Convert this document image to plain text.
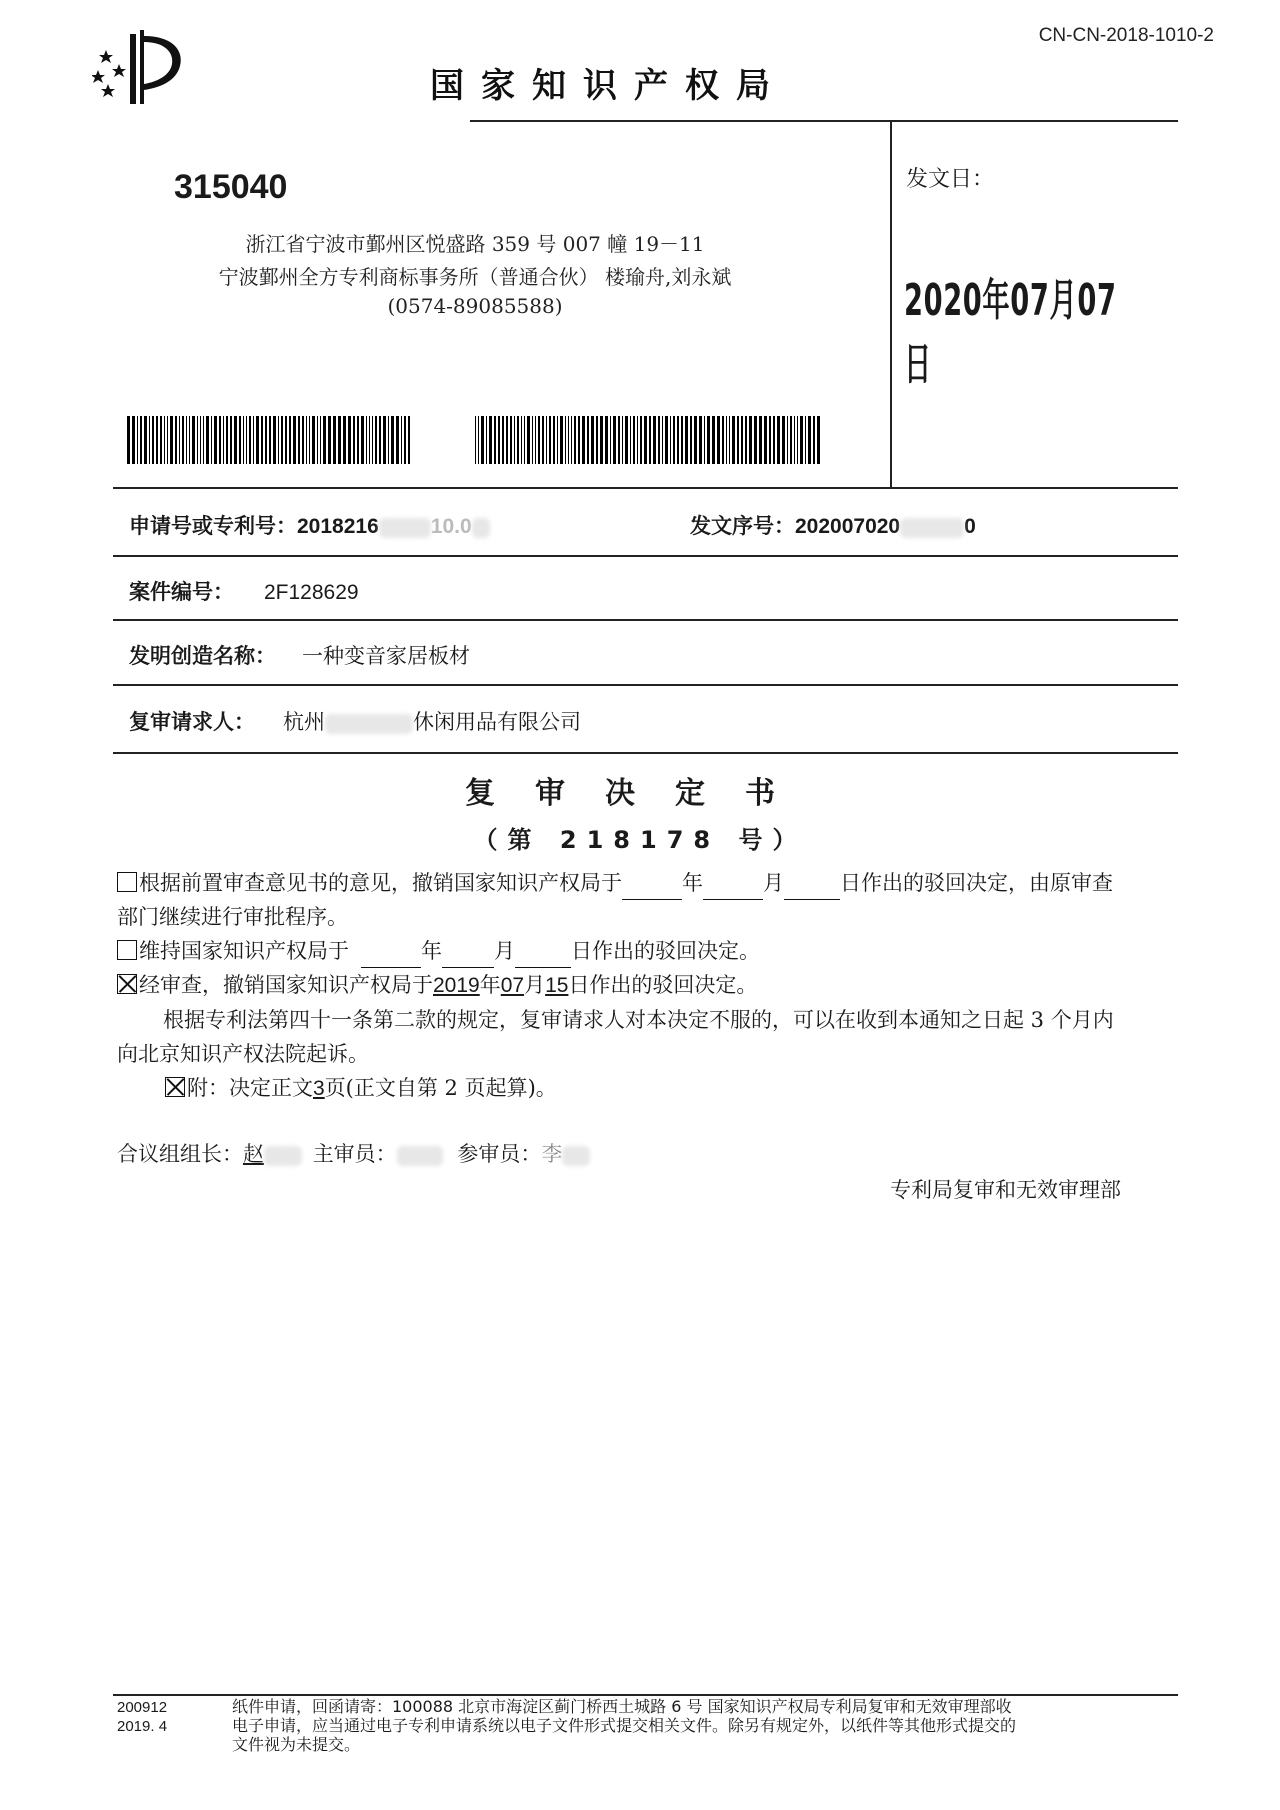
CN-CN-2018-1010-2
国家知识产权局
315040
浙江省宁波市鄞州区悦盛路 359 号 007 幢 19－11
宁波鄞州全方专利商标事务所（普通合伙） 楼瑜舟,刘永斌
(0574-89085588)
发文日：
2020年07月07日
申请号或专利号：2018216 10.0	发文序号：202007020	0
案件编号： 2F128629
发明创造名称： 一种变音家居板材
复审请求人： 杭州	休闲用品有限公司
复审决定书
（第 218178 号）

根据前置审查意见书的意见，撤销国家知识产权局于	年	月	日作出的驳回决定，由原审查

部门继续进行审批程序。

维持国家知识产权局于	年 月	日作出的驳回决定。

经审查，撤销国家知识产权局于2019年07月15日作出的驳回决定。

根据专利法第四十一条第二款的规定，复审请求人对本决定不服的，可以在收到本通知之日起 3 个月内

向北京知识产权法院起诉。

附：决定正文3页(正文自第 2 页起算)。

合议组组长：赵 主审员：	参审员：李
专利局复审和无效审理部
200912
2019. 4
纸件申请，回函请寄：100088 北京市海淀区蓟门桥西土城路 6 号 国家知识产权局专利局复审和无效审理部收
电子申请，应当通过电子专利申请系统以电子文件形式提交相关文件。除另有规定外，以纸件等其他形式提交的
文件视为未提交。
